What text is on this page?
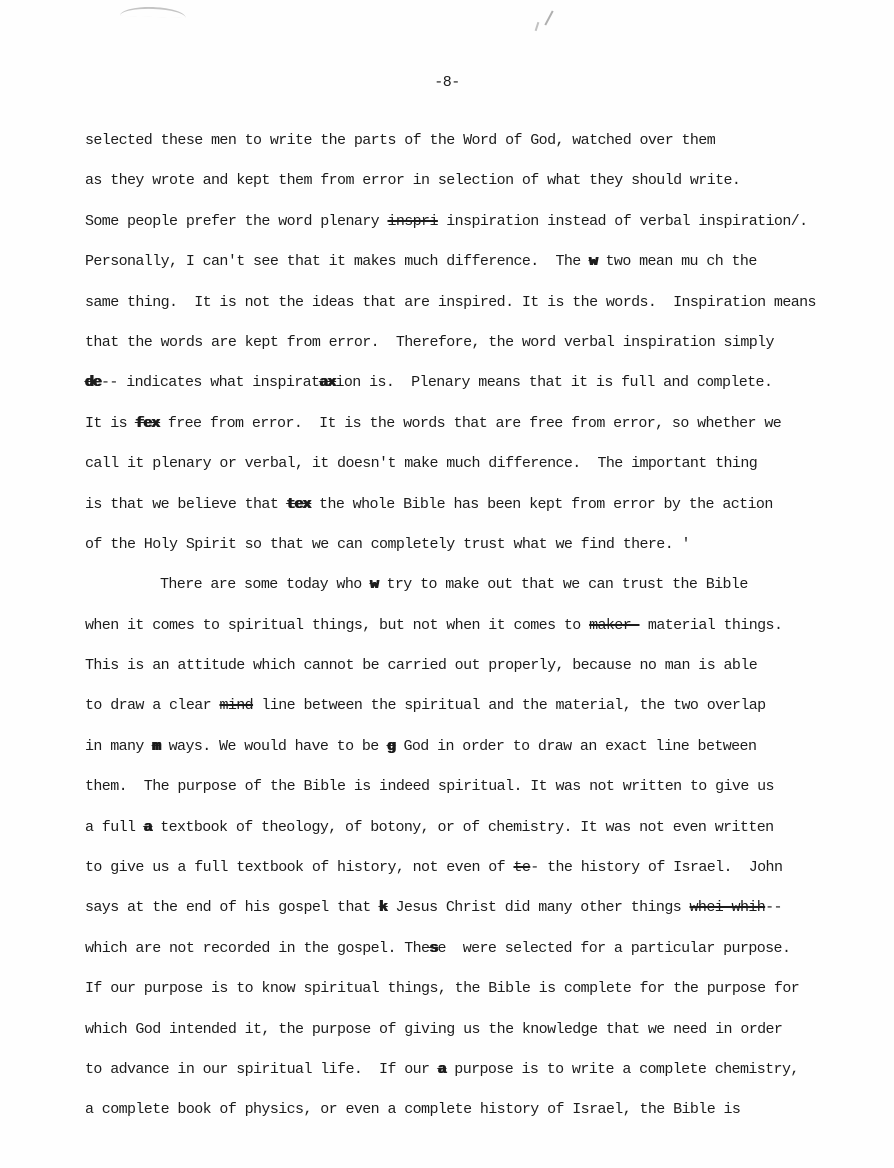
-8-
selected these men to write the parts of the Word of God, watched over them
as they wrote and kept them from error in selection of what they should write.
Some people prefer the word plenary inspri inspiration instead of verbal inspiration/.
Personally, I can't see that it makes much difference.  The w two mean mu ch the
same thing.  It is not the ideas that are inspired. It is the words.  Inspiration means
that the words are kept from error.  Therefore, the word verbal inspiration simply
de-- indicates what inspirataxion is.  Plenary means that it is full and complete.
It is fex free from error.  It is the words that are free from error, so whether we
call it plenary or verbal, it doesn't make much difference.  The important thing
is that we believe that tex the whole Bible has been kept from error by the action
of the Holy Spirit so that we can completely trust what we find there. '
There are some today who w try to make out that we can trust the Bible
when it comes to spiritual things, but not when it comes to maker- material things.
This is an attitude which cannot be carried out properly, because no man is able
to draw a clear mind line between the spiritual and the material, the two overlap
in many m ways. We would have to be g God in order to draw an exact line between
them.  The purpose of the Bible is indeed spiritual. It was not written to give us
a full a textbook of theology, of botony, or of chemistry. It was not even written
to give us a full textbook of history, not even of te- the history of Israel.  John
says at the end of his gospel that k Jesus Christ did many other things whei whih--
which are not recorded in the gospel. These  were selected for a particular purpose.
If our purpose is to know spiritual things, the Bible is complete for the purpose for
which God intended it, the purpose of giving us the knowledge that we need in order
to advance in our spiritual life.  If our a purpose is to write a complete chemistry,
a complete book of physics, or even a complete history of Israel, the Bible is
